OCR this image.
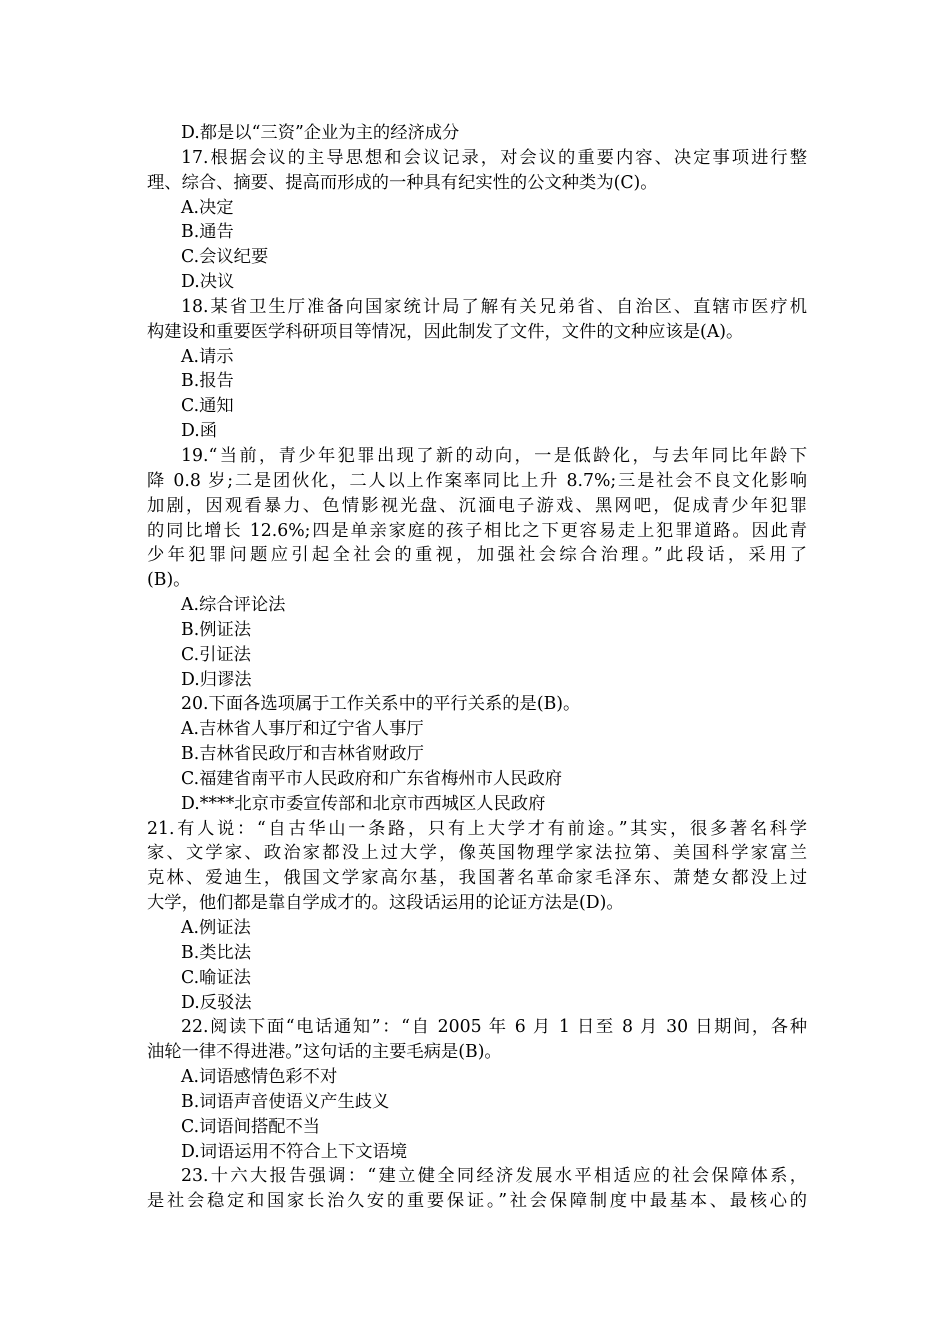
D.都是以“三资”企业为主的经济成分
17.根据会议的主导思想和会议记录，对会议的重要内容、决定事项进行整
理、综合、摘要、提高而形成的一种具有纪实性的公文种类为(C)。
A.决定
B.通告
C.会议纪要
D.决议
18.某省卫生厅准备向国家统计局了解有关兄弟省、自治区、直辖市医疗机
构建设和重要医学科研项目等情况，因此制发了文件，文件的文种应该是(A)。
A.请示
B.报告
C.通知
D.函
19.“当前，青少年犯罪出现了新的动向，一是低龄化，与去年同比年龄下
降 0.8 岁;二是团伙化，二人以上作案率同比上升 8.7%;三是社会不良文化影响
加剧，因观看暴力、色情影视光盘、沉湎电子游戏、黑网吧，促成青少年犯罪
的同比增长 12.6%;四是单亲家庭的孩子相比之下更容易走上犯罪道路。因此青
少年犯罪问题应引起全社会的重视，加强社会综合治理。”此段话，采用了
(B)。
A.综合评论法
B.例证法
C.引证法
D.归谬法
20.下面各选项属于工作关系中的平行关系的是(B)。
A.吉林省人事厅和辽宁省人事厅
B.吉林省民政厅和吉林省财政厅
C.福建省南平市人民政府和广东省梅州市人民政府
D.****北京市委宣传部和北京市西城区人民政府
21.有人说：“自古华山一条路，只有上大学才有前途。”其实，很多著名科学
家、文学家、政治家都没上过大学，像英国物理学家法拉第、美国科学家富兰
克林、爱迪生，俄国文学家高尔基，我国著名革命家毛泽东、萧楚女都没上过
大学，他们都是靠自学成才的。这段话运用的论证方法是(D)。
A.例证法
B.类比法
C.喻证法
D.反驳法
22.阅读下面“电话通知”：“自 2005 年 6 月 1 日至 8 月 30 日期间，各种
油轮一律不得进港。”这句话的主要毛病是(B)。
A.词语感情色彩不对
B.词语声音使语义产生歧义
C.词语间搭配不当
D.词语运用不符合上下文语境
23.十六大报告强调：“建立健全同经济发展水平相适应的社会保障体系，
是社会稳定和国家长治久安的重要保证。”社会保障制度中最基本、最核心的
